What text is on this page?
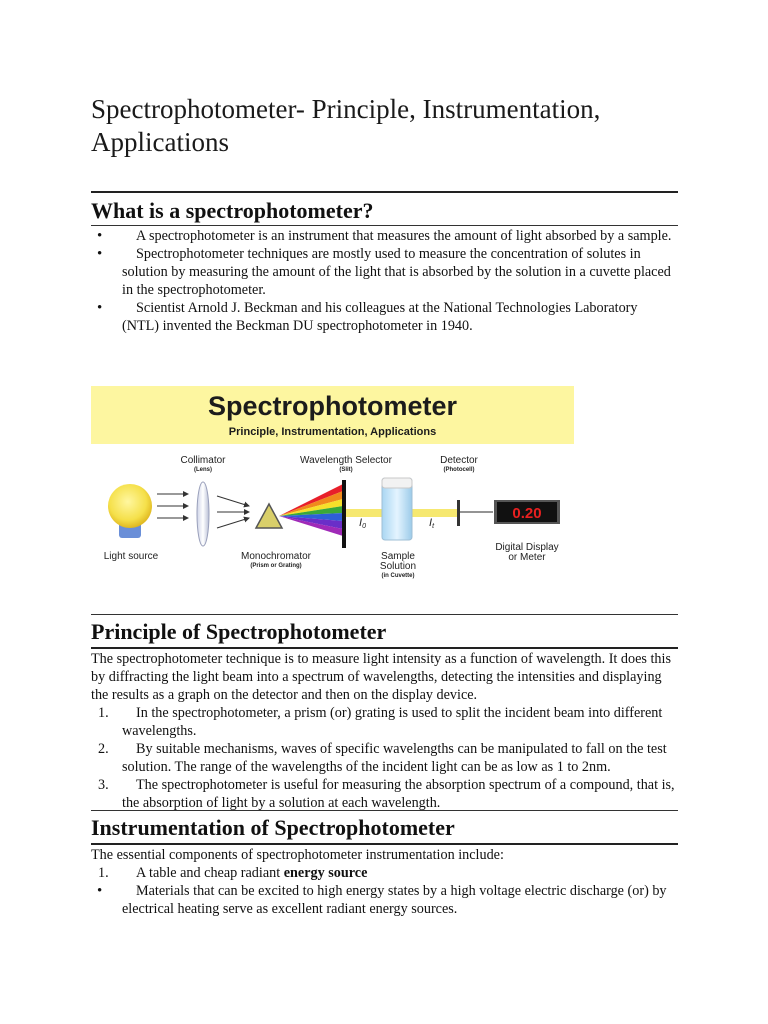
Spectrophotometer- Principle, Instrumentation, Applications
What is a spectrophotometer?
• A spectrophotometer is an instrument that measures the amount of light absorbed by a sample.
• Spectrophotometer techniques are mostly used to measure the concentration of solutes in solution by measuring the amount of the light that is absorbed by the solution in a cuvette placed in the spectrophotometer.
• Scientist Arnold J. Beckman and his colleagues at the National Technologies Laboratory (NTL) invented the Beckman DU spectrophotometer in 1940.
Spectrophotometer
Principle, Instrumentation, Applications
Collimator
(Lens)
Wavelength Selector
(Slit)
Detector
(Photocell)
I0	It
0.20
Light source	Monochromator
(Prism or Grating)
Sample
Solution
(in Cuvette)
Digital Display
or Meter
Principle of Spectrophotometer
The spectrophotometer technique is to measure light intensity as a function of wavelength. It does this by diffracting the light beam into a spectrum of wavelengths, detecting the intensities and displaying the results as a graph on the detector and then on the display device.
1. In the spectrophotometer, a prism (or) grating is used to split the incident beam into different wavelengths.
2. By suitable mechanisms, waves of specific wavelengths can be manipulated to fall on the test solution. The range of the wavelengths of the incident light can be as low as 1 to 2nm.
3. The spectrophotometer is useful for measuring the absorption spectrum of a compound, that is, the absorption of light by a solution at each wavelength.
Instrumentation of Spectrophotometer
The essential components of spectrophotometer instrumentation include:
1. A table and cheap radiant energy source
• Materials that can be excited to high energy states by a high voltage electric discharge (or) by electrical heating serve as excellent radiant energy sources.
